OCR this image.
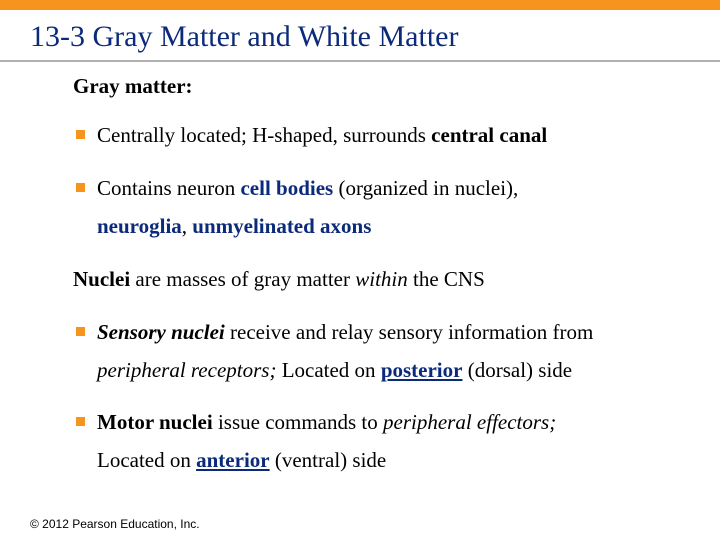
13-3 Gray Matter and White Matter
Gray matter:
Centrally located; H-shaped, surrounds central canal
Contains neuron cell bodies (organized in nuclei),
neuroglia, unmyelinated axons
Nuclei are masses of gray matter within the CNS
Sensory nuclei receive and relay sensory information from
peripheral receptors; Located on posterior (dorsal) side
Motor nuclei issue commands to peripheral effectors;
Located on anterior (ventral) side
© 2012 Pearson Education, Inc.
